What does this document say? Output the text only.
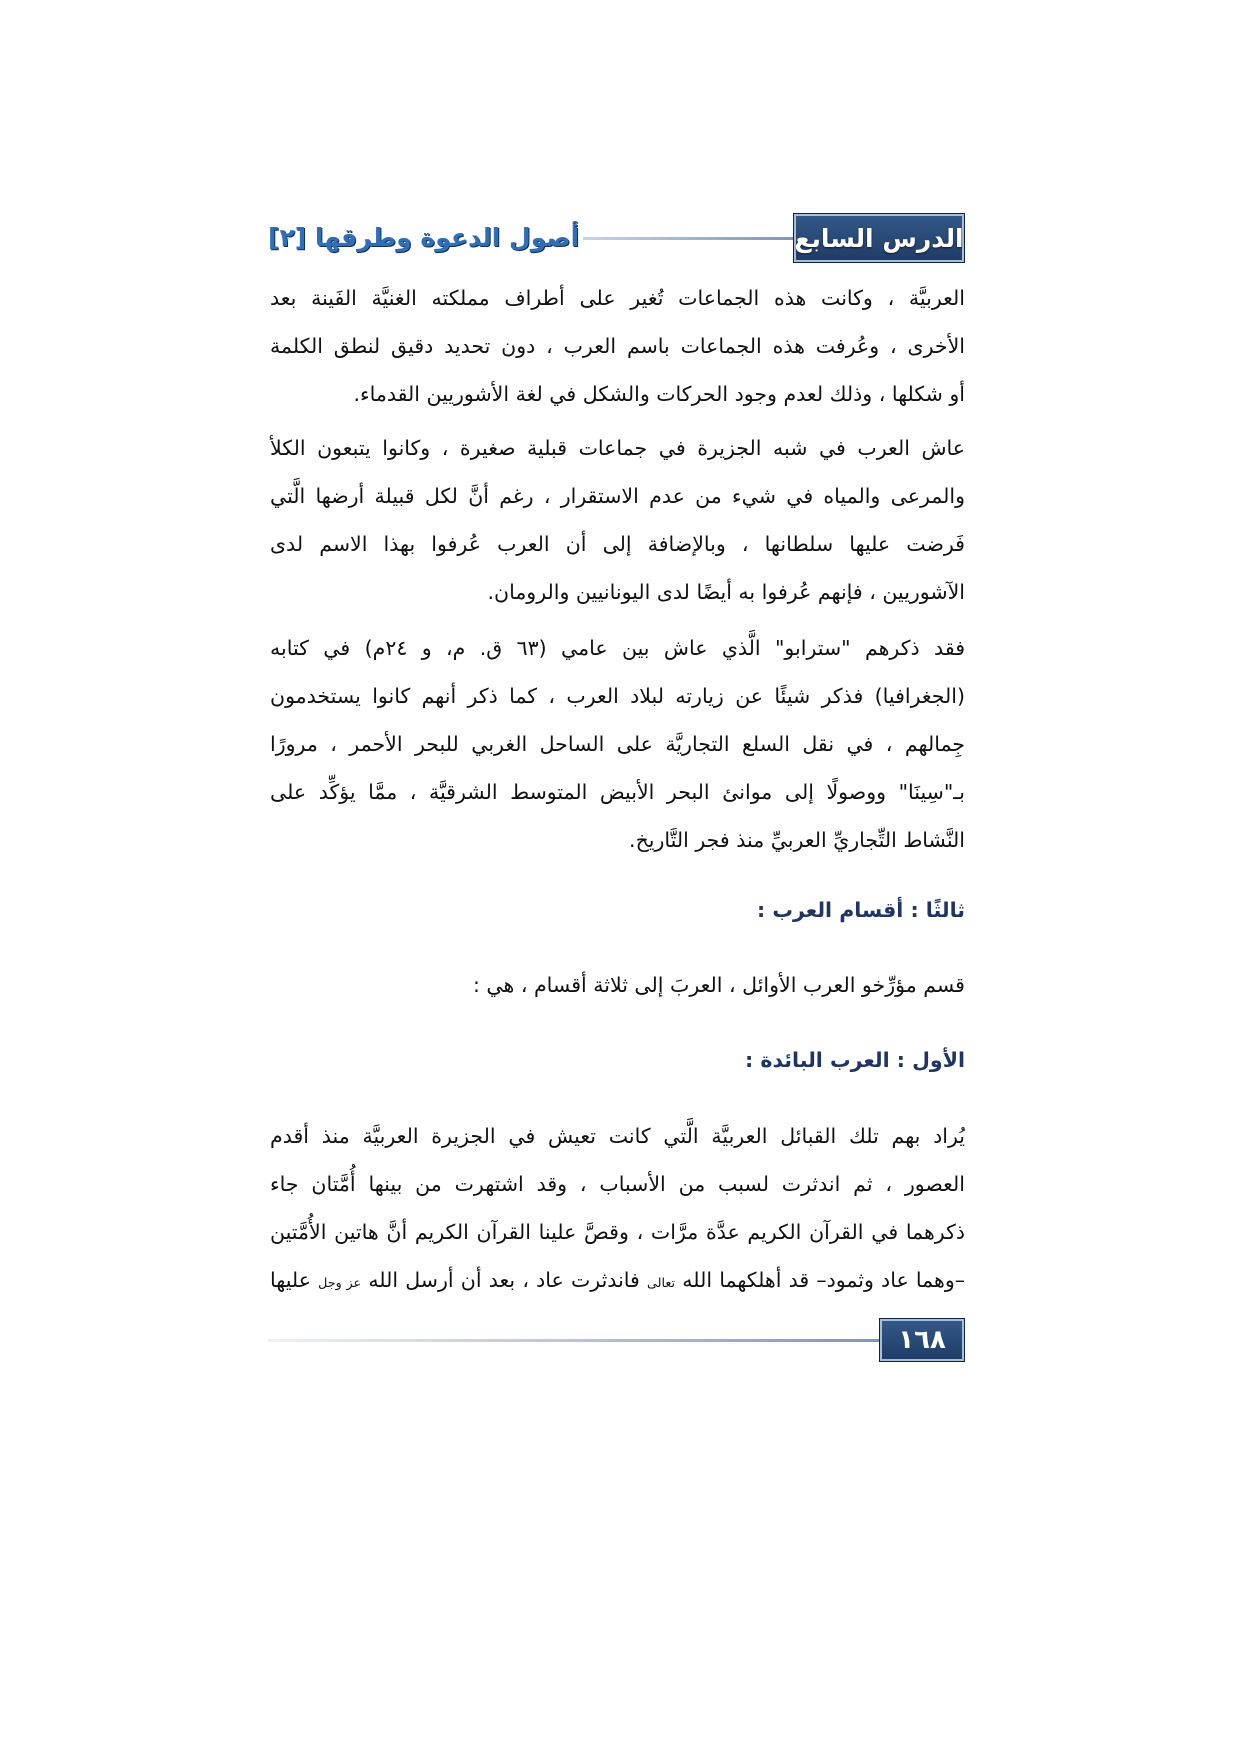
الدرس السابع
أصول الدعوة وطرقها [٢]
العربيَّة ، وكانت هذه الجماعات تُغير على أطراف مملكته الغنيَّة الفَينة بعد
الأخرى ، وعُرفت هذه الجماعات باسم العرب ، دون تحديد دقيق لنطق الكلمة
أو شكلها ، وذلك لعدم وجود الحركات والشكل في لغة الأشوريين القدماء.
عاش العرب في شبه الجزيرة في جماعات قبلية صغيرة ، وكانوا يتبعون الكلأ
والمرعى والمياه في شيء من عدم الاستقرار ، رغم أنَّ لكل قبيلة أرضها الَّتي
فَرضت عليها سلطانها ، وبالإضافة إلى أن العرب عُرفوا بهذا الاسم لدى
الآشوريين ، فإنهم عُرفوا به أيضًا لدى اليونانيين والرومان.
فقد ذكرهم "سترابو" الَّذي عاش بين عامي (٦٣ ق. م، و ٢٤م) في كتابه
(الجغرافيا) فذكر شيئًا عن زيارته لبلاد العرب ، كما ذكر أنهم كانوا يستخدمون
جِمالهم ، في نقل السلع التجاريَّة على الساحل الغربي للبحر الأحمر ، مرورًا
بـ"سِينَا" ووصولًا إلى موانئ البحر الأبيض المتوسط الشرقيَّة ، ممَّا يؤكِّد على
النَّشاط التِّجاريِّ العربيِّ منذ فجر التَّاريخ.
ثالثًا : أقسام العرب :
قسم مؤرِّخو العرب الأوائل ، العربَ إلى ثلاثة أقسام ، هي :
الأول : العرب البائدة :
يُراد بهم تلك القبائل العربيَّة الَّتي كانت تعيش في الجزيرة العربيَّة منذ أقدم
العصور ، ثم اندثرت لسبب من الأسباب ، وقد اشتهرت من بينها أُمَّتان جاء
ذكرهما في القرآن الكريم عدَّة مرَّات ، وقصَّ علينا القرآن الكريم أنَّ هاتين الأُمَّتين
–وهما عاد وثمود– قد أهلكهما الله تعالى فاندثرت عاد ، بعد أن أرسل الله عز وجل عليها
١٦٨
